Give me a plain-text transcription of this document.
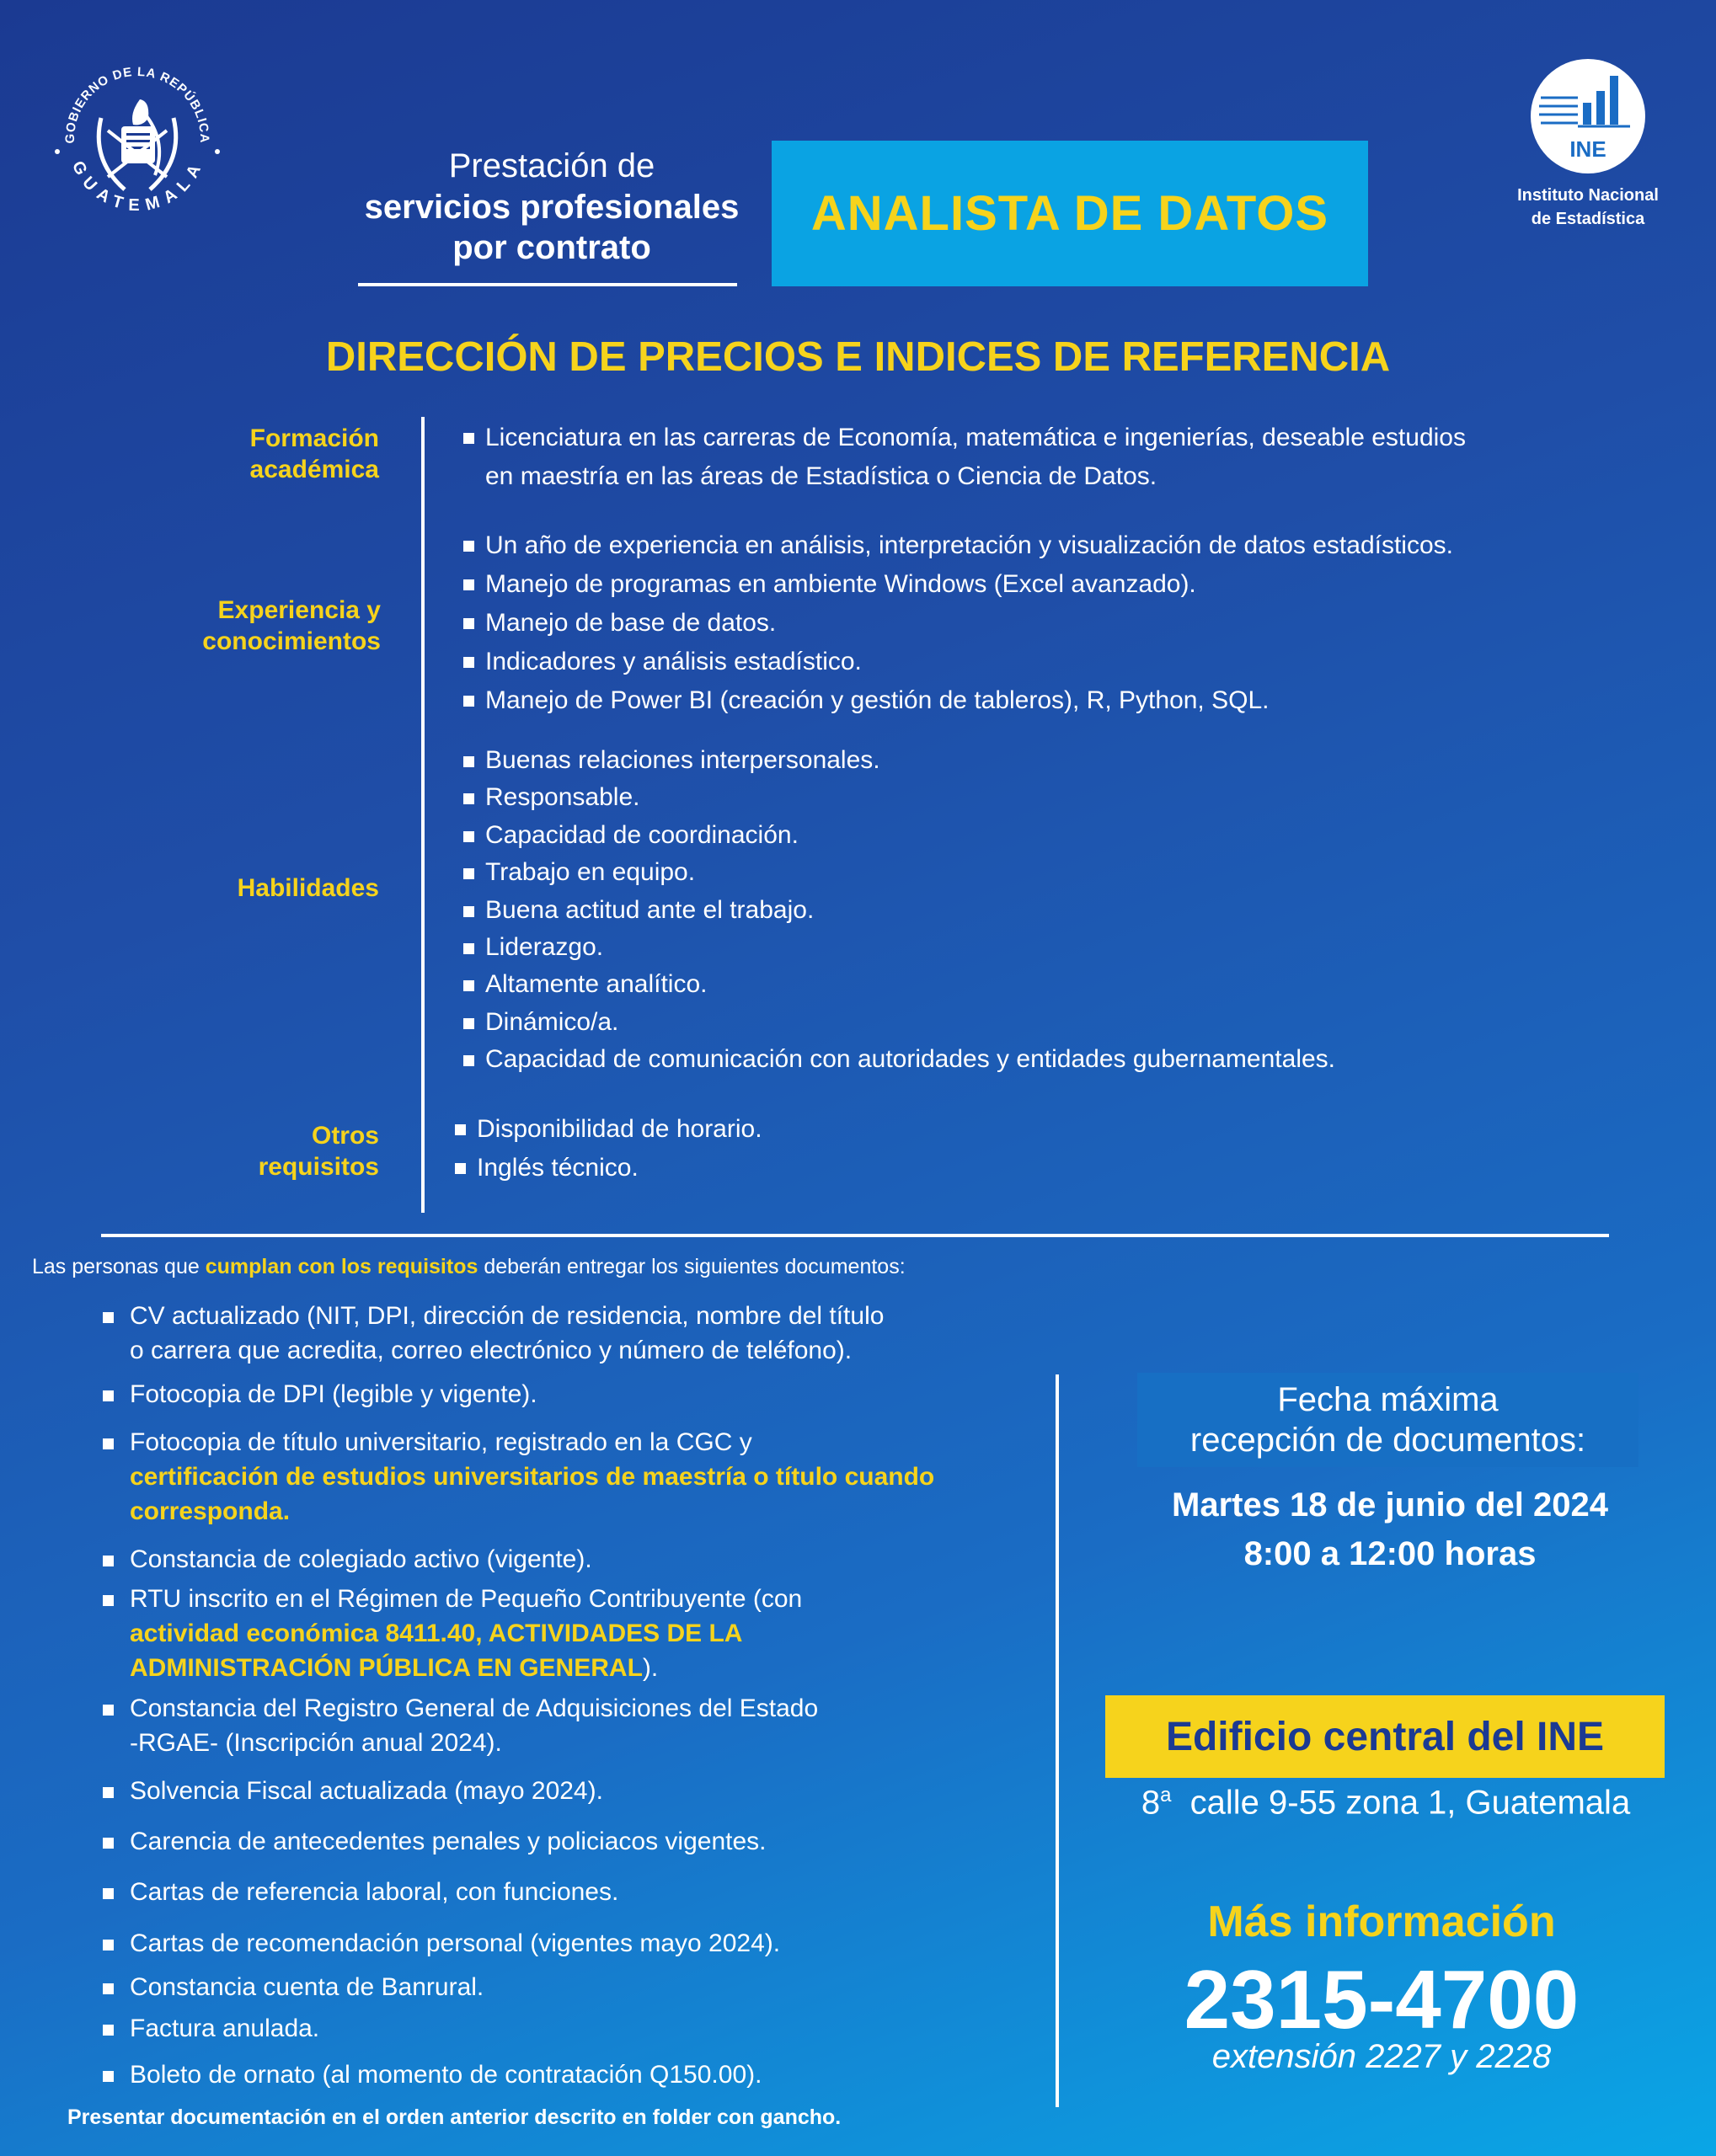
GOBIERNO DE LA REPÚBLICA
GUATEMALA
INE
Instituto Nacional
de Estadística
Prestación de
servicios profesionales
por contrato
ANALISTA DE DATOS
DIRECCIÓN DE PRECIOS E INDICES DE REFERENCIA
Formación
académica
Licenciatura en las carreras de Economía, matemática e ingenierías, deseable estudios
en maestría en las áreas de Estadística o Ciencia de Datos.
Experiencia y
conocimientos
Un año de experiencia en análisis, interpretación y visualización de datos estadísticos.
Manejo de programas en ambiente Windows (Excel avanzado).
Manejo de base de datos.
Indicadores y análisis estadístico.
Manejo de Power BI (creación y gestión de tableros), R, Python, SQL.
Habilidades
Buenas relaciones interpersonales.
Responsable.
Capacidad de coordinación.
Trabajo en equipo.
Buena actitud ante el trabajo.
Liderazgo.
Altamente analítico.
Dinámico/a.
Capacidad de comunicación con autoridades y entidades gubernamentales.
Otros
requisitos
Disponibilidad de horario.
Inglés técnico.
Las personas que cumplan con los requisitos deberán entregar los siguientes documentos:
CV actualizado (NIT, DPI, dirección de residencia, nombre del título
o carrera que acredita, correo electrónico y número de teléfono).
Fotocopia de DPI (legible y vigente).
Fotocopia de título universitario, registrado en la CGC y
certificación de estudios universitarios de maestría o título cuando
corresponda.
Constancia de colegiado activo (vigente).
RTU inscrito en el Régimen de Pequeño Contribuyente (con
actividad económica 8411.40, ACTIVIDADES DE LA
ADMINISTRACIÓN PÚBLICA EN GENERAL).
Constancia del Registro General de Adquisiciones del Estado
-RGAE- (Inscripción anual 2024).
Solvencia Fiscal actualizada (mayo 2024).
Carencia de antecedentes penales y policiacos vigentes.
Cartas de referencia laboral, con funciones.
Cartas de recomendación personal (vigentes mayo 2024).
Constancia cuenta de Banrural.
Factura anulada.
Boleto de ornato (al momento de contratación Q150.00).
Presentar documentación en el orden anterior descrito en folder con gancho.
Fecha máxima
recepción de documentos:
Martes 18 de junio del 2024
8:00 a 12:00 horas
Edificio central del INE
8$^a$  calle 9-55 zona 1, Guatemala
Más información
2315-4700
extensión 2227 y 2228
